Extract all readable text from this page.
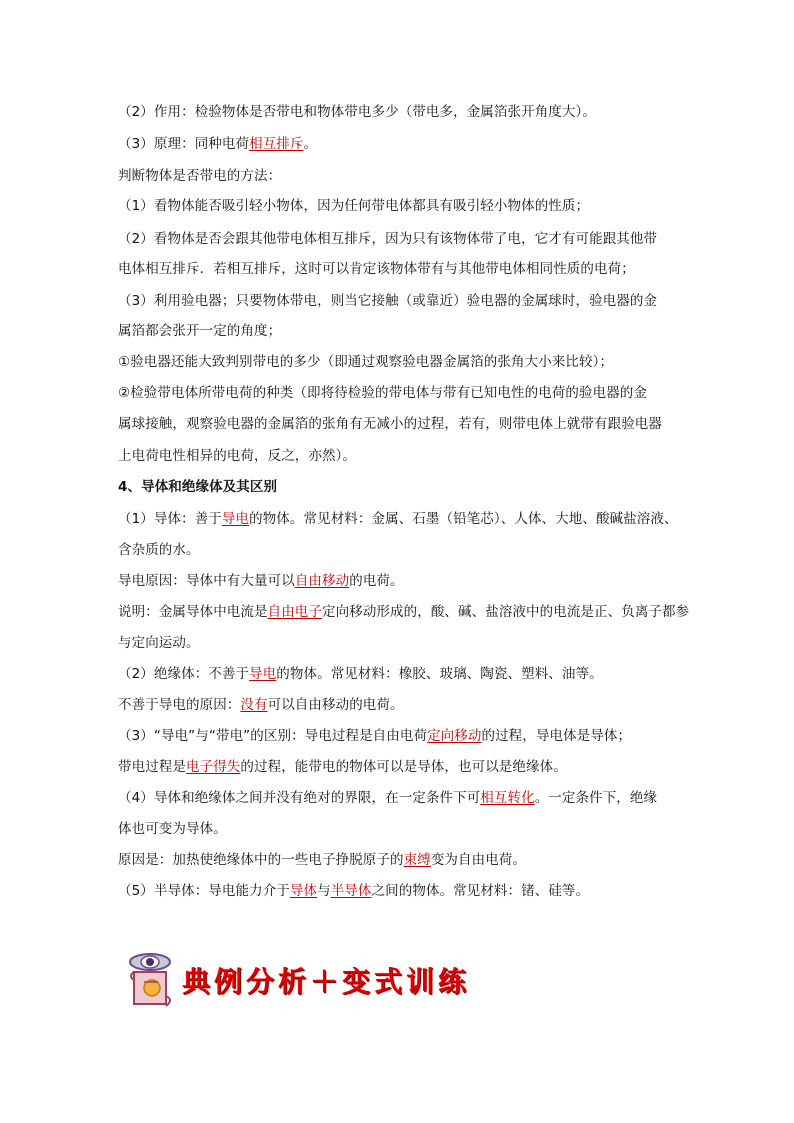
（2）作用：检验物体是否带电和物体带电多少（带电多，金属箔张开角度大）。
（3）原理：同种电荷相互排斥。
判断物体是否带电的方法：
（1）看物体能否吸引轻小物体，因为任何带电体都具有吸引轻小物体的性质；
（2）看物体是否会跟其他带电体相互排斥，因为只有该物体带了电，它才有可能跟其他带
电体相互排斥．若相互排斥，这时可以肯定该物体带有与其他带电体相同性质的电荷；
（3）利用验电器；只要物体带电，则当它接触（或靠近）验电器的金属球时，验电器的金
属箔都会张开一定的角度；
①验电器还能大致判别带电的多少（即通过观察验电器金属箔的张角大小来比较）；
②检验带电体所带电荷的种类（即将待检验的带电体与带有已知电性的电荷的验电器的金
属球接触，观察验电器的金属箔的张角有无减小的过程，若有，则带电体上就带有跟验电器
上电荷电性相异的电荷，反之，亦然）。
4、导体和绝缘体及其区别
（1）导体：善于导电的物体。常见材料：金属、石墨（铅笔芯）、人体、大地、酸碱盐溶液、
含杂质的水。
导电原因：导体中有大量可以自由移动的电荷。
说明：金属导体中电流是自由电子定向移动形成的，酸、碱、盐溶液中的电流是正、负离子都参
与定向运动。
（2）绝缘体：不善于导电的物体。常见材料：橡胶、玻璃、陶瓷、塑料、油等。
不善于导电的原因：没有可以自由移动的电荷。
（3）“导电”与“带电”的区别：导电过程是自由电荷定向移动的过程，导电体是导体；
带电过程是电子得失的过程，能带电的物体可以是导体，也可以是绝缘体。
（4）导体和绝缘体之间并没有绝对的界限，在一定条件下可相互转化。一定条件下，绝缘
体也可变为导体。
原因是：加热使绝缘体中的一些电子挣脱原子的束缚变为自由电荷。
（5）半导体：导电能力介于导体与半导体之间的物体。常见材料：锗、硅等。
典例分析＋变式训练
